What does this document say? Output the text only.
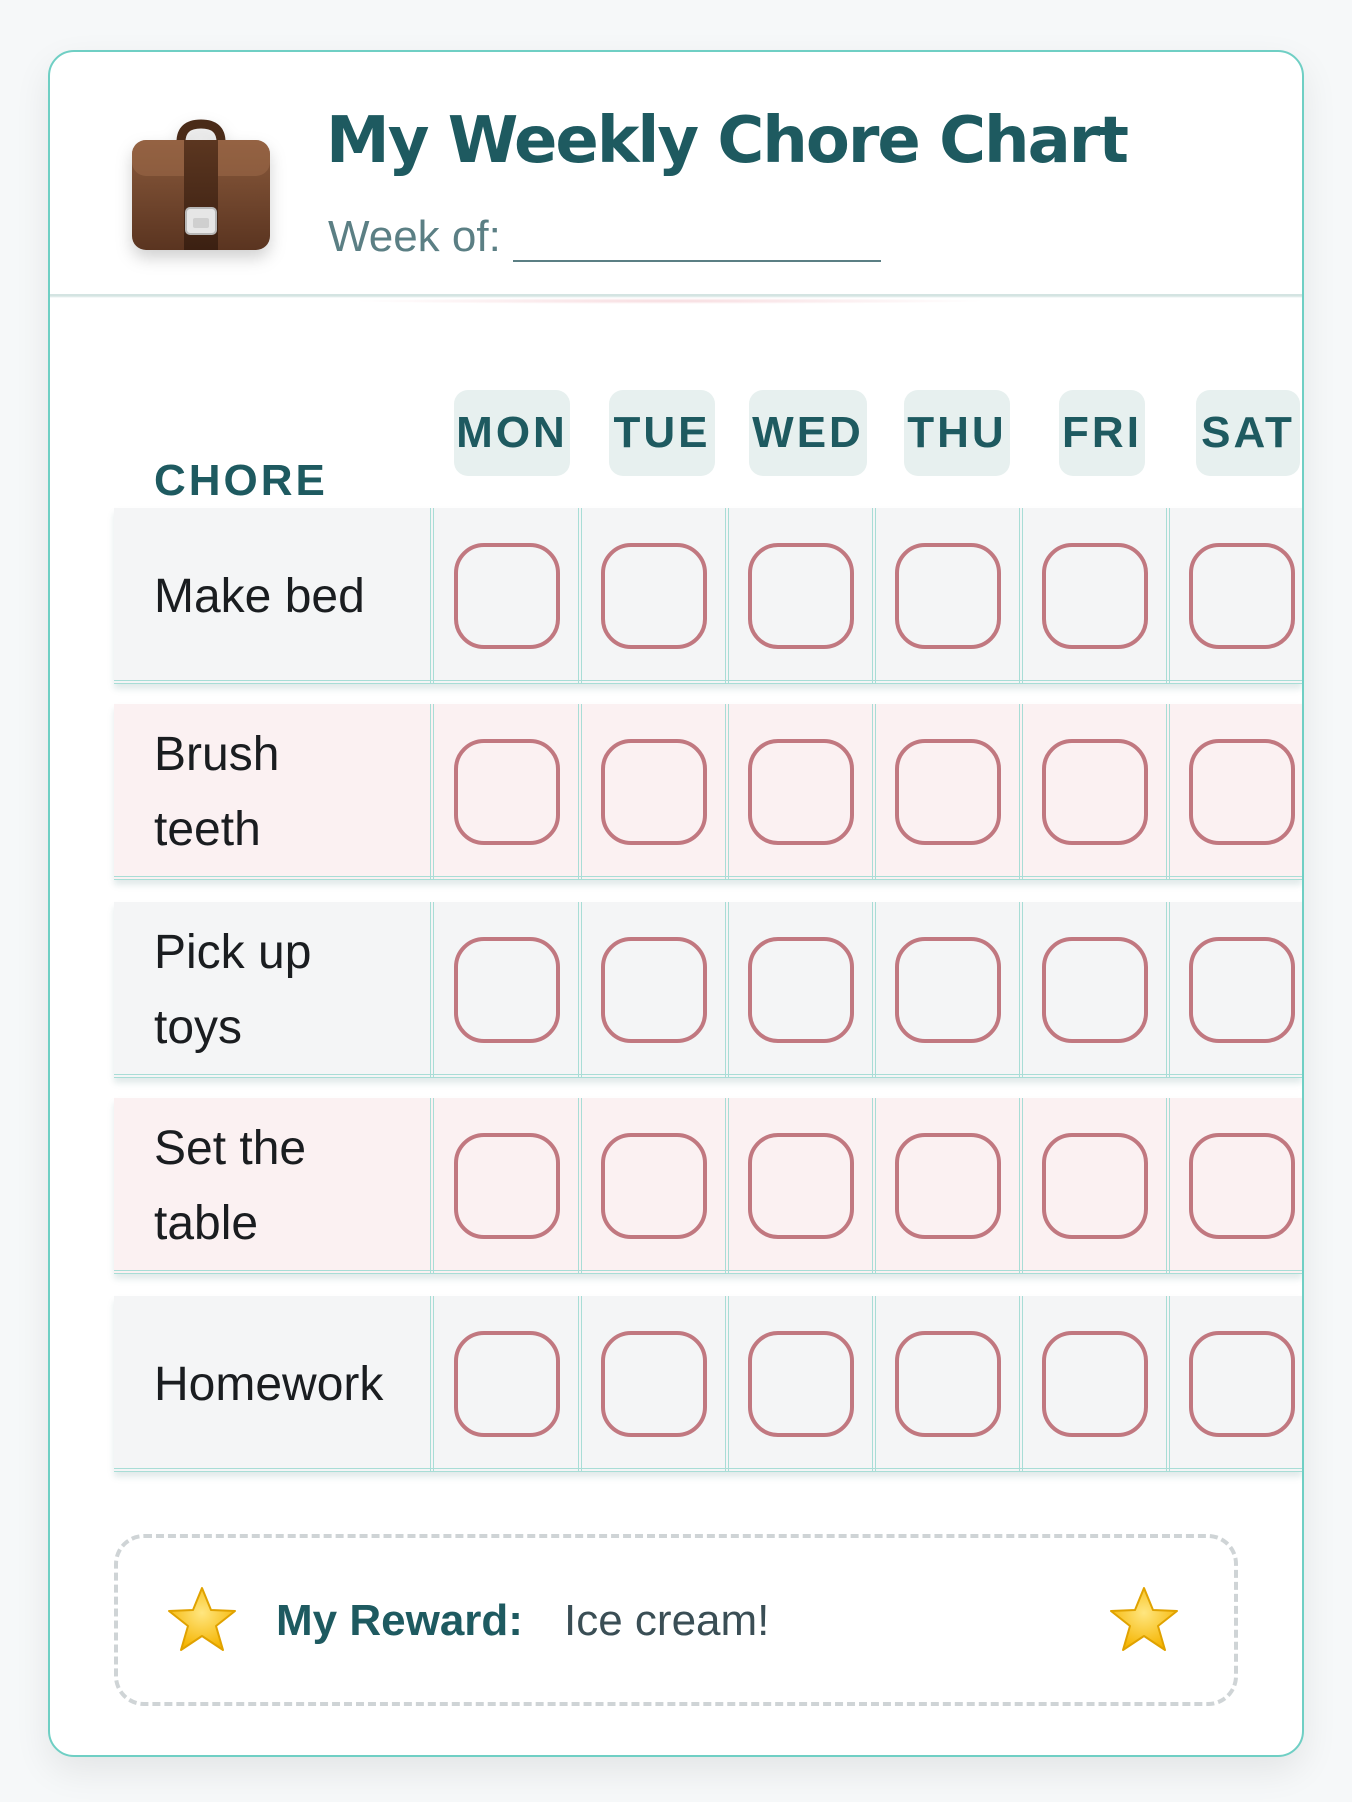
My Weekly Chore Chart
Week of:
CHORE
MON TUE WED THU FRI SAT
Make bed
Brush
teeth
Pick up
toys
Set the
table
Homework
My Reward: Ice cream!
